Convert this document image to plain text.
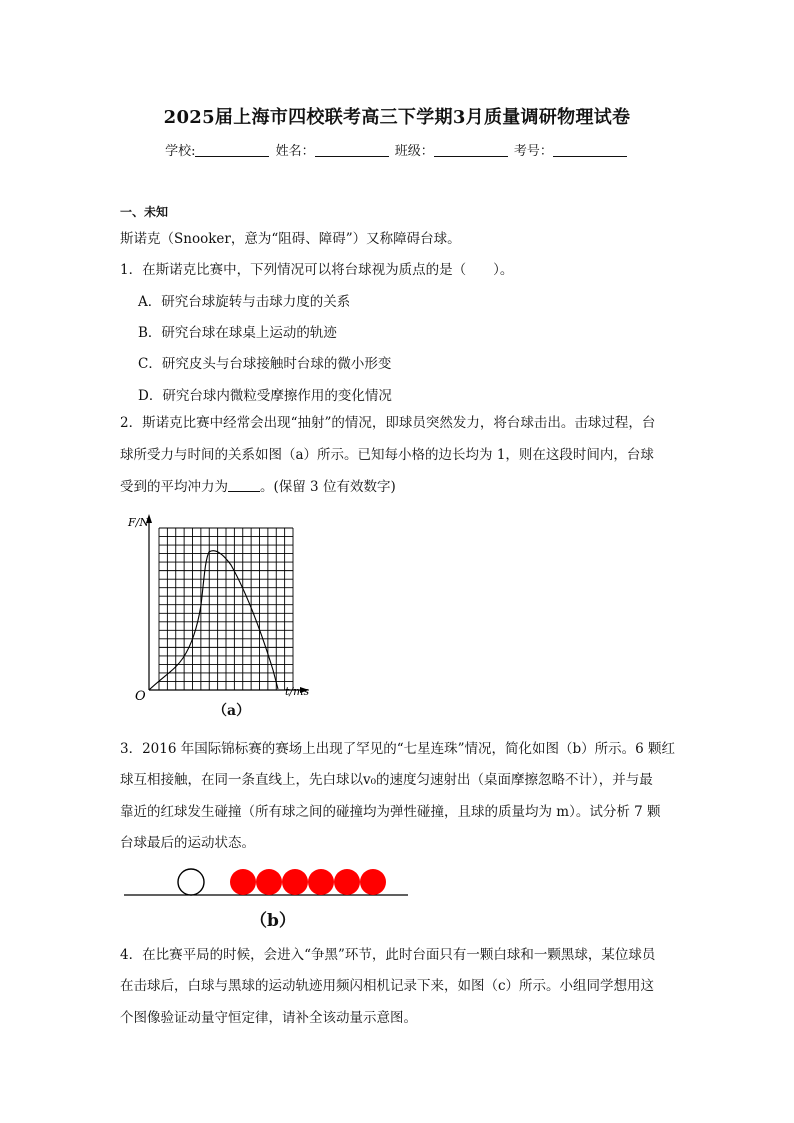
2025届上海市四校联考高三下学期3月质量调研物理试卷
学校:	姓名：	班级：	考号：
一、未知
斯诺克（Snooker，意为“阻碍、障碍”）又称障碍台球。
1．在斯诺克比赛中，下列情况可以将台球视为质点的是（　　）。
A．研究台球旋转与击球力度的关系
B．研究台球在球桌上运动的轨迹
C．研究皮头与台球接触时台球的微小形变
D．研究台球内微粒受摩擦作用的变化情况
2．斯诺克比赛中经常会出现“抽射”的情况，即球员突然发力，将台球击出。击球过程，台
球所受力与时间的关系如图（a）所示。已知每小格的边长均为 1，则在这段时间内，台球
受到的平均冲力为 。(保留 3 位有效数字)
F/N
t/ms
O
（a）
3．2016 年国际锦标赛的赛场上出现了罕见的“七星连珠”情况，简化如图（b）所示。6 颗红
球互相接触，在同一条直线上，先白球以v₀的速度匀速射出（桌面摩擦忽略不计），并与最
靠近的红球发生碰撞（所有球之间的碰撞均为弹性碰撞，且球的质量均为 m）。试分析 7 颗
台球最后的运动状态。
（b）
4．在比赛平局的时候，会进入“争黑”环节，此时台面只有一颗白球和一颗黑球，某位球员
在击球后，白球与黑球的运动轨迹用频闪相机记录下来，如图（c）所示。小组同学想用这
个图像验证动量守恒定律，请补全该动量示意图。
